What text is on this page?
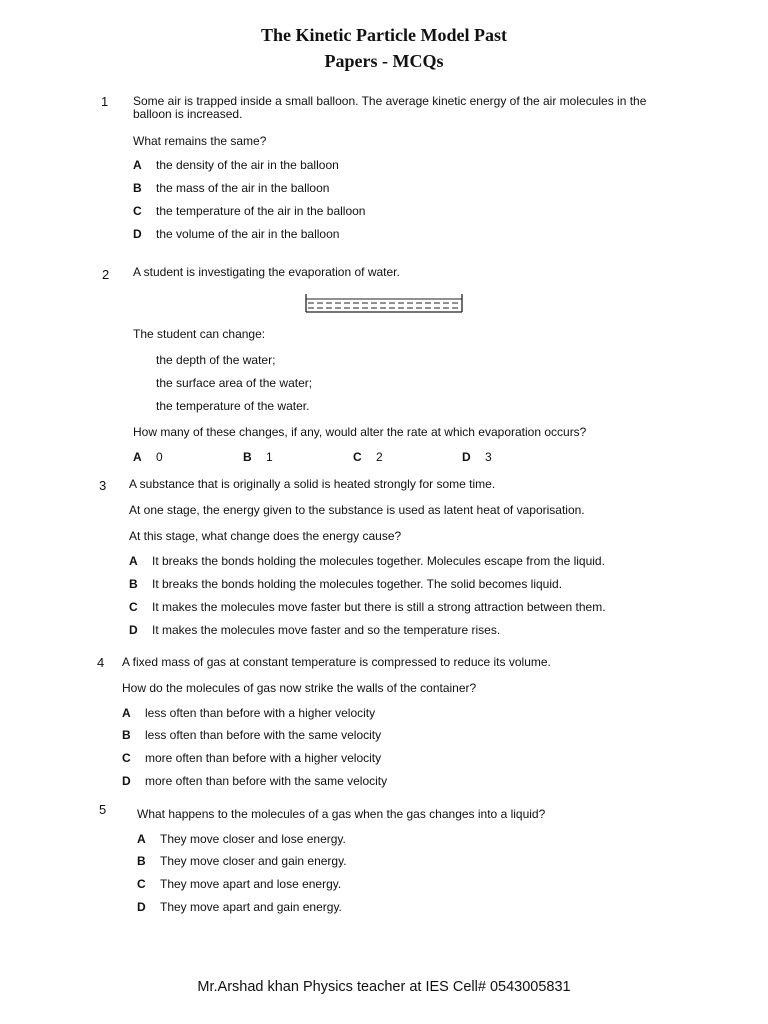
The Kinetic Particle Model Past
Papers - MCQs
1 Some air is trapped inside a small balloon. The average kinetic energy of the air molecules in the balloon is increased.
What remains the same?
A the density of the air in the balloon
B the mass of the air in the balloon
C the temperature of the air in the balloon
D the volume of the air in the balloon
2 A student is investigating the evaporation of water.
The student can change:
the depth of the water;
the surface area of the water;
the temperature of the water.
How many of these changes, if any, would alter the rate at which evaporation occurs?
A 0	B 1	C 2	D 3
3 A substance that is originally a solid is heated strongly for some time.
At one stage, the energy given to the substance is used as latent heat of vaporisation.
At this stage, what change does the energy cause?
A It breaks the bonds holding the molecules together. Molecules escape from the liquid.
B It breaks the bonds holding the molecules together. The solid becomes liquid.
C It makes the molecules move faster but there is still a strong attraction between them.
D It makes the molecules move faster and so the temperature rises.
4 A fixed mass of gas at constant temperature is compressed to reduce its volume.
How do the molecules of gas now strike the walls of the container?
A less often than before with a higher velocity
B less often than before with the same velocity
C more often than before with a higher velocity
D more often than before with the same velocity
5	What happens to the molecules of a gas when the gas changes into a liquid?
A They move closer and lose energy.
B They move closer and gain energy.
C They move apart and lose energy.
D They move apart and gain energy.
Mr.Arshad khan Physics teacher at IES Cell# 0543005831
